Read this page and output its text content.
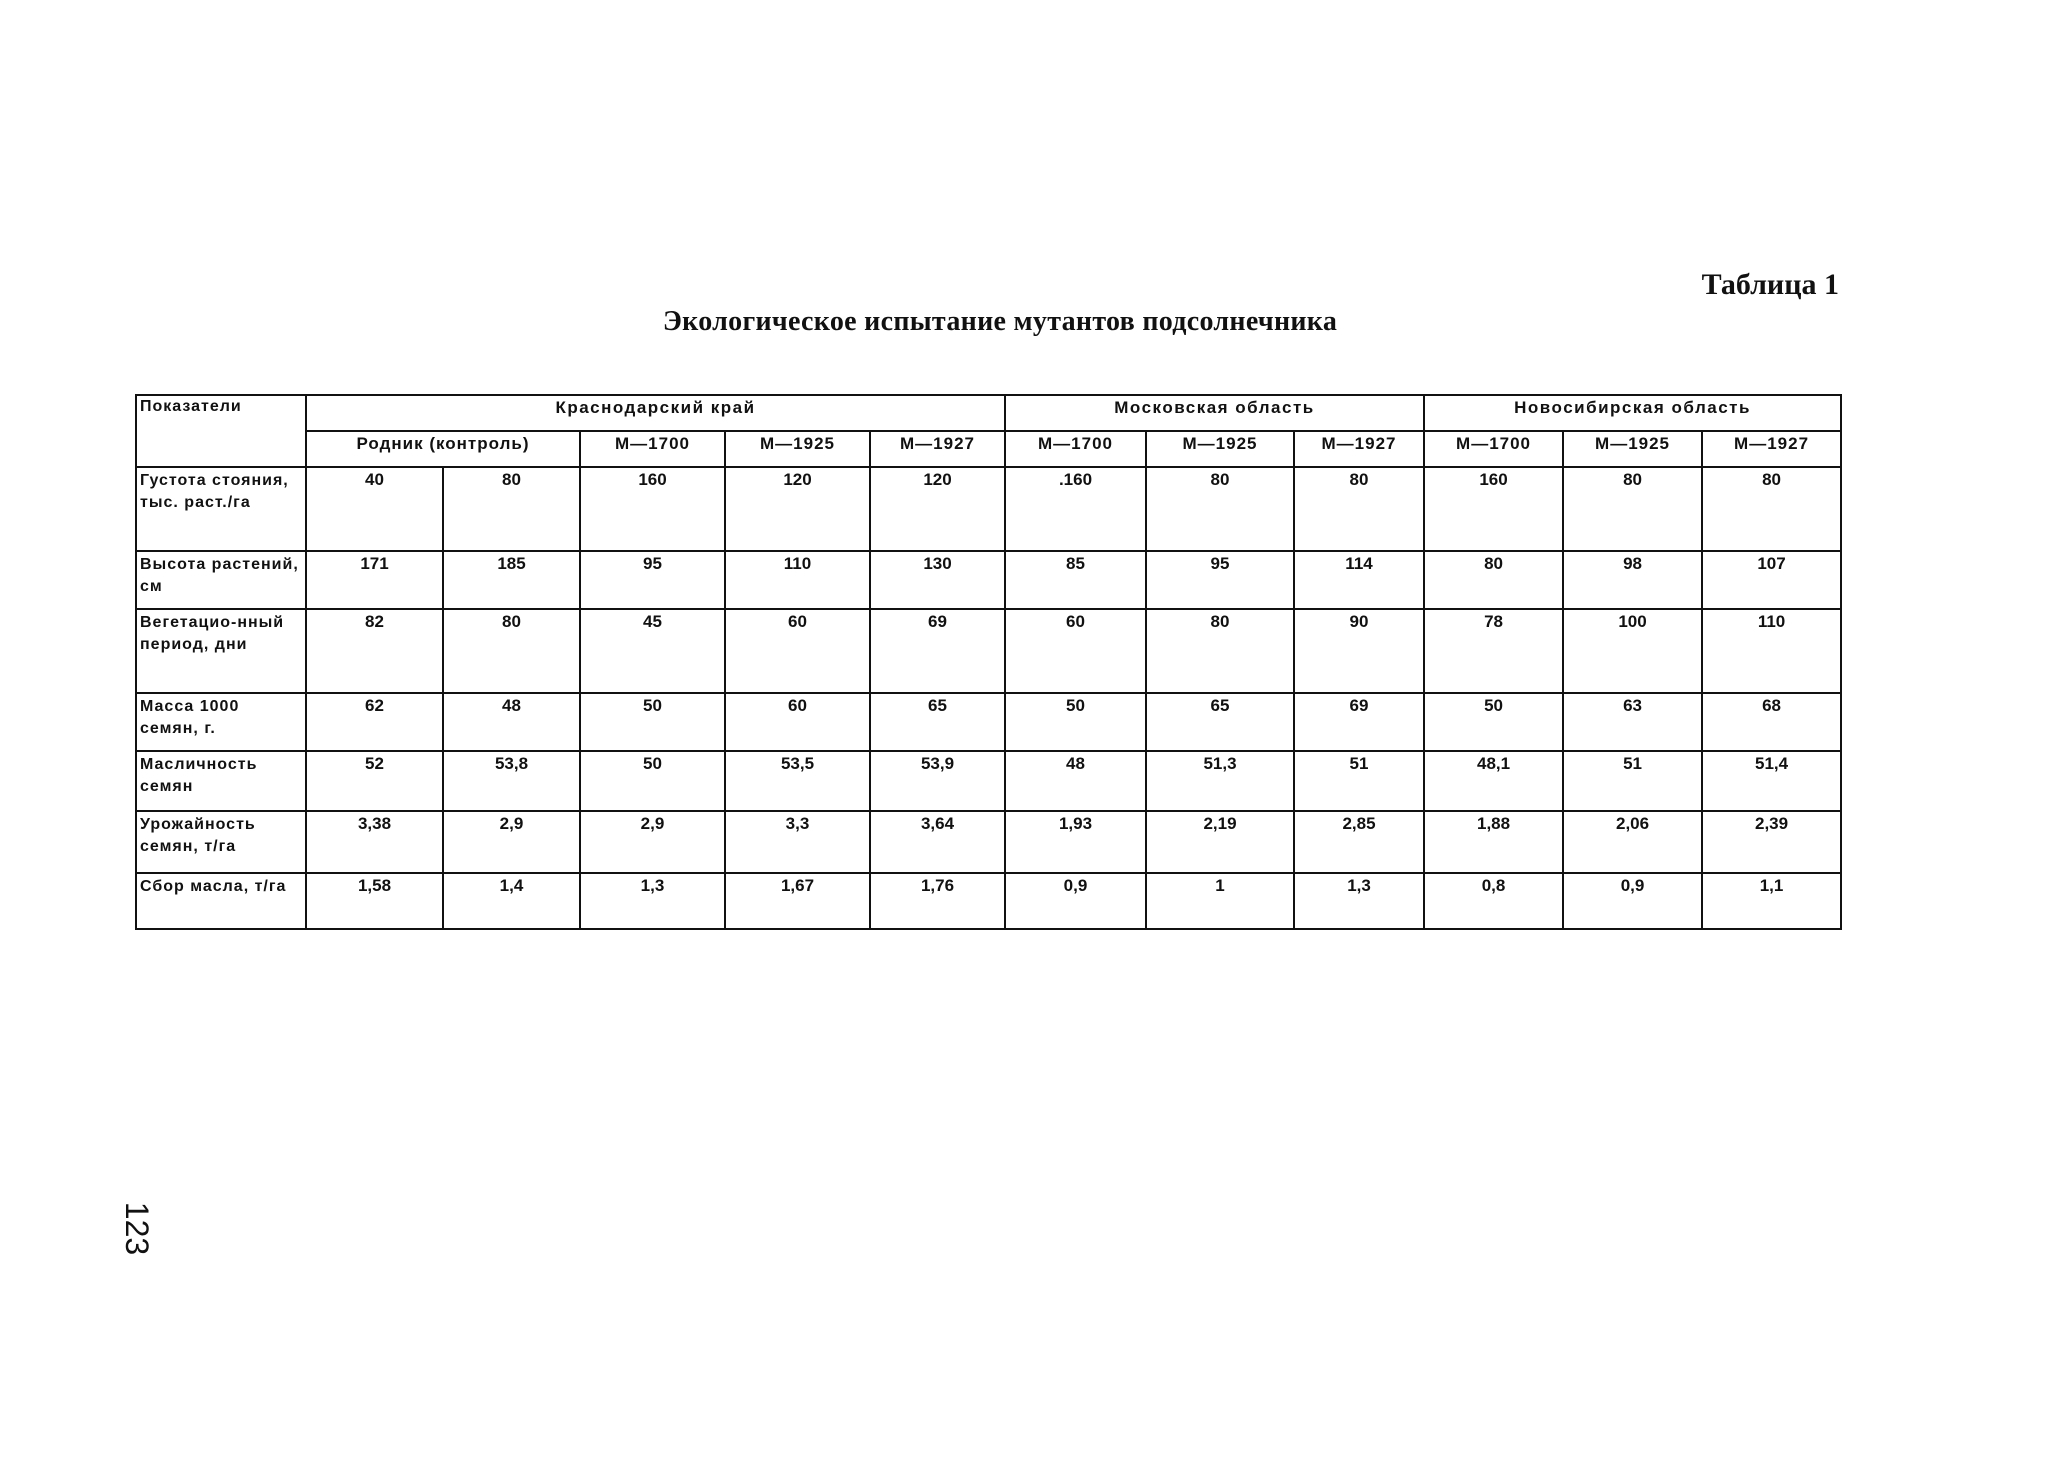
Таблица 1
Экологическое испытание мутантов подсолнечника
Показатели	Краснодарский край					Московская область			Новосибирская область		
	Родник (контроль)		М—1700	М—1925	М—1927	М—1700	М—1925	М—1927	М—1700	М—1925	М—1927
Густота стояния, тыс. раст./га	40	80	160	120	120	.160	80	80	160	80	80
Высота растений, см	171	185	95	110	130	85	95	114	80	98	107
Вегетацио-нный период, дни	82	80	45	60	69	60	80	90	78	100	110
Масса 1000 семян, г.	62	48	50	60	65	50	65	69	50	63	68
Масличность семян	52	53,8	50	53,5	53,9	48	51,3	51	48,1	51	51,4
Урожайность семян, т/га	3,38	2,9	2,9	3,3	3,64	1,93	2,19	2,85	1,88	2,06	2,39
Сбор масла, т/га	1,58	1,4	1,3	1,67	1,76	0,9	1	1,3	0,8	0,9	1,1
123
